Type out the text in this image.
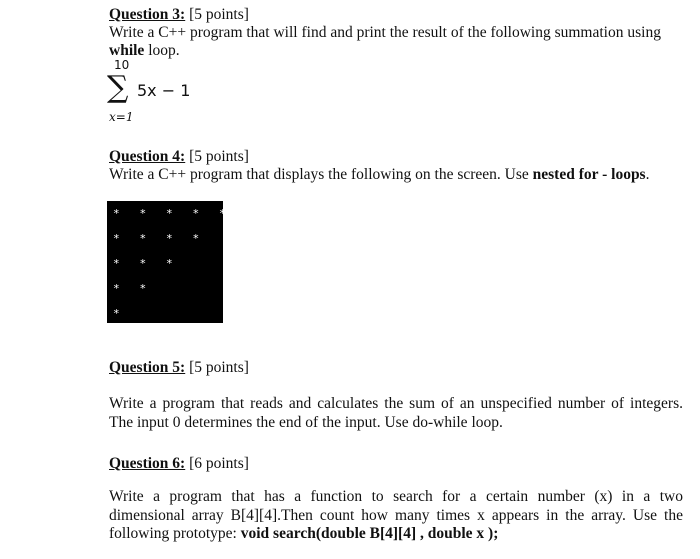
Question 3: [5 points]
Write a C++ program that will find and print the result of the following summation using
while loop.
10
∑ 5x − 1
x=1
Question 4: [5 points]
Write a C++ program that displays the following on the screen. Use nested for - loops.
*   *   *   *   *
*   *   *   *
*   *   *
*   *
*
Question 5: [5 points]
Write a program that reads and calculates the sum of an unspecified number of integers.
The input 0 determines the end of the input. Use do-while loop.
Question 6: [6 points]
Write a program that has a function to search for a certain number (x) in a two
dimensional array B[4][4].Then count how many times x appears in the array. Use the
following prototype: void search(double B[4][4] , double x );
